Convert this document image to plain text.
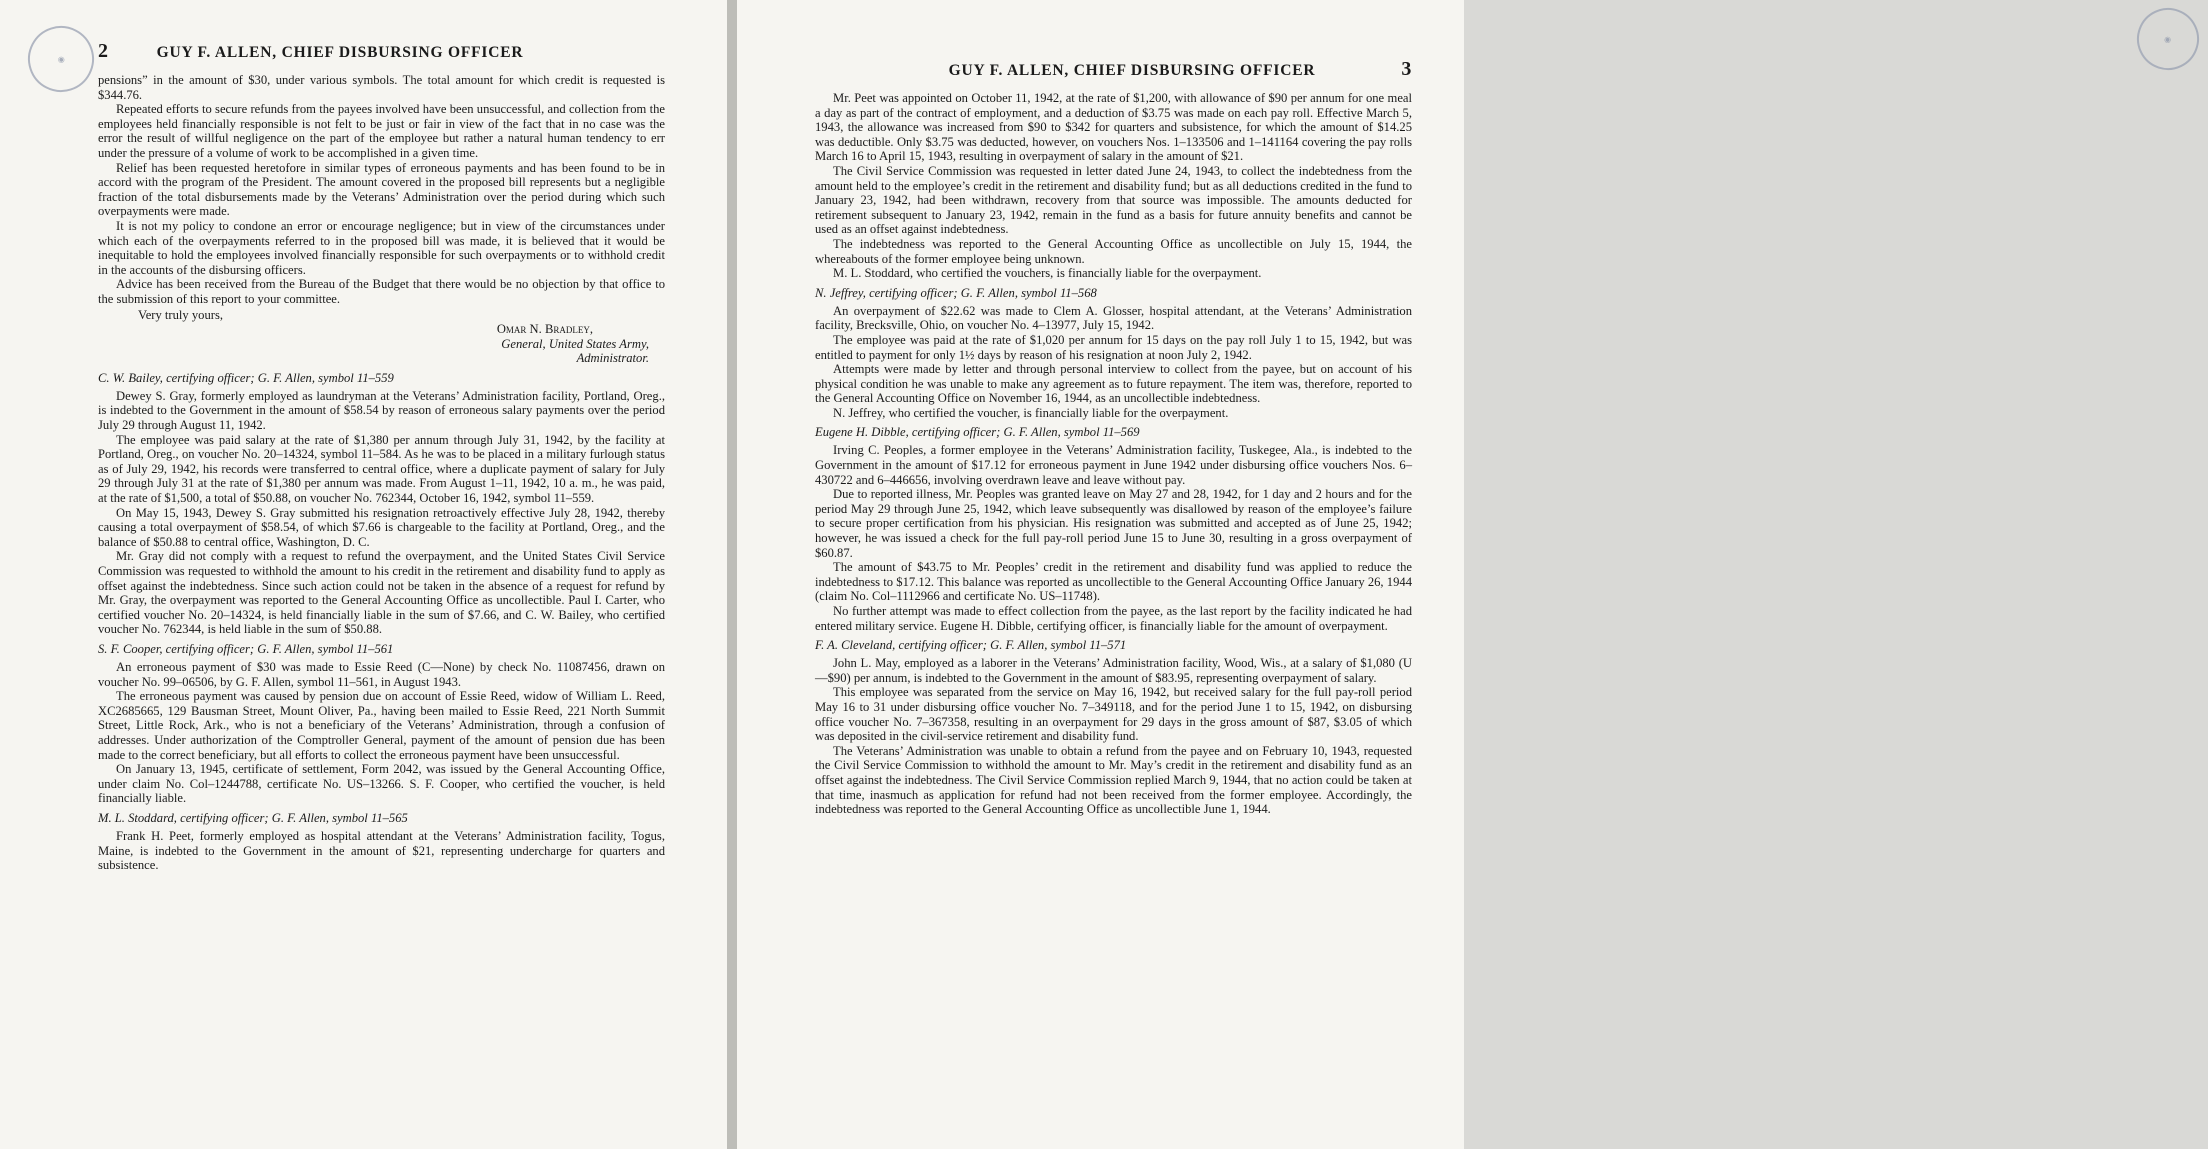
◉	2	GUY F. ALLEN, CHIEF DISBURSING OFFICER

pensions” in the amount of $30, under various symbols. The total amount for which credit is requested is $344.76.

Repeated efforts to secure refunds from the payees involved have been unsuccessful, and collection from the employees held financially responsible is not felt to be just or fair in view of the fact that in no case was the error the result of willful negligence on the part of the employee but rather a natural human tendency to err under the pressure of a volume of work to be accomplished in a given time.

Relief has been requested heretofore in similar types of erroneous payments and has been found to be in accord with the program of the President. The amount covered in the proposed bill represents but a negligible fraction of the total disbursements made by the Veterans’ Administration over the period during which such overpayments were made.

It is not my policy to condone an error or encourage negligence; but in view of the circumstances under which each of the overpayments referred to in the proposed bill was made, it is believed that it would be inequitable to hold the employees involved financially responsible for such overpayments or to withhold credit in the accounts of the disbursing officers.

Advice has been received from the Bureau of the Budget that there would be no objection by that office to the submission of this report to your committee.

Very truly yours,

Omar N. Bradley,
General, United States Army,
Administrator.

C. W. Bailey, certifying officer; G. F. Allen, symbol 11–559

Dewey S. Gray, formerly employed as laundryman at the Veterans’ Administration facility, Portland, Oreg., is indebted to the Government in the amount of $58.54 by reason of erroneous salary payments over the period July 29 through August 11, 1942.

The employee was paid salary at the rate of $1,380 per annum through July 31, 1942, by the facility at Portland, Oreg., on voucher No. 20–14324, symbol 11–584. As he was to be placed in a military furlough status as of July 29, 1942, his records were transferred to central office, where a duplicate payment of salary for July 29 through July 31 at the rate of $1,380 per annum was made. From August 1–11, 1942, 10 a. m., he was paid, at the rate of $1,500, a total of $50.88, on voucher No. 762344, October 16, 1942, symbol 11–559.

On May 15, 1943, Dewey S. Gray submitted his resignation retroactively effective July 28, 1942, thereby causing a total overpayment of $58.54, of which $7.66 is chargeable to the facility at Portland, Oreg., and the balance of $50.88 to central office, Washington, D. C.

Mr. Gray did not comply with a request to refund the overpayment, and the United States Civil Service Commission was requested to withhold the amount to his credit in the retirement and disability fund to apply as offset against the indebtedness. Since such action could not be taken in the absence of a request for refund by Mr. Gray, the overpayment was reported to the General Accounting Office as uncollectible. Paul I. Carter, who certified voucher No. 20–14324, is held financially liable in the sum of $7.66, and C. W. Bailey, who certified voucher No. 762344, is held liable in the sum of $50.88.

S. F. Cooper, certifying officer; G. F. Allen, symbol 11–561

An erroneous payment of $30 was made to Essie Reed (C—None) by check No. 11087456, drawn on voucher No. 99–06506, by G. F. Allen, symbol 11–561, in August 1943.

The erroneous payment was caused by pension due on account of Essie Reed, widow of William L. Reed, XC2685665, 129 Bausman Street, Mount Oliver, Pa., having been mailed to Essie Reed, 221 North Summit Street, Little Rock, Ark., who is not a beneficiary of the Veterans’ Administration, through a confusion of addresses. Under authorization of the Comptroller General, payment of the amount of pension due has been made to the correct beneficiary, but all efforts to collect the erroneous payment have been unsuccessful.

On January 13, 1945, certificate of settlement, Form 2042, was issued by the General Accounting Office, under claim No. Col–1244788, certificate No. US–13266. S. F. Cooper, who certified the voucher, is held financially liable.

M. L. Stoddard, certifying officer; G. F. Allen, symbol 11–565

Frank H. Peet, formerly employed as hospital attendant at the Veterans’ Administration facility, Togus, Maine, is indebted to the Government in the amount of $21, representing undercharge for quarters and subsistence.

◉
GUY F. ALLEN, CHIEF DISBURSING OFFICER	3

Mr. Peet was appointed on October 11, 1942, at the rate of $1,200, with allowance of $90 per annum for one meal a day as part of the contract of employment, and a deduction of $3.75 was made on each pay roll. Effective March 5, 1943, the allowance was increased from $90 to $342 for quarters and subsistence, for which the amount of $14.25 was deductible. Only $3.75 was deducted, however, on vouchers Nos. 1–133506 and 1–141164 covering the pay rolls March 16 to April 15, 1943, resulting in overpayment of salary in the amount of $21.

The Civil Service Commission was requested in letter dated June 24, 1943, to collect the indebtedness from the amount held to the employee’s credit in the retirement and disability fund; but as all deductions credited in the fund to January 23, 1942, had been withdrawn, recovery from that source was impossible. The amounts deducted for retirement subsequent to January 23, 1942, remain in the fund as a basis for future annuity benefits and cannot be used as an offset against indebtedness.

The indebtedness was reported to the General Accounting Office as uncollectible on July 15, 1944, the whereabouts of the former employee being unknown.

M. L. Stoddard, who certified the vouchers, is financially liable for the overpayment.

N. Jeffrey, certifying officer; G. F. Allen, symbol 11–568

An overpayment of $22.62 was made to Clem A. Glosser, hospital attendant, at the Veterans’ Administration facility, Brecksville, Ohio, on voucher No. 4–13977, July 15, 1942.

The employee was paid at the rate of $1,020 per annum for 15 days on the pay roll July 1 to 15, 1942, but was entitled to payment for only 1½ days by reason of his resignation at noon July 2, 1942.

Attempts were made by letter and through personal interview to collect from the payee, but on account of his physical condition he was unable to make any agreement as to future repayment. The item was, therefore, reported to the General Accounting Office on November 16, 1944, as an uncollectible indebtedness.

N. Jeffrey, who certified the voucher, is financially liable for the overpayment.

Eugene H. Dibble, certifying officer; G. F. Allen, symbol 11–569

Irving C. Peoples, a former employee in the Veterans’ Administration facility, Tuskegee, Ala., is indebted to the Government in the amount of $17.12 for erroneous payment in June 1942 under disbursing office vouchers Nos. 6–430722 and 6–446656, involving overdrawn leave and leave without pay.

Due to reported illness, Mr. Peoples was granted leave on May 27 and 28, 1942, for 1 day and 2 hours and for the period May 29 through June 25, 1942, which leave subsequently was disallowed by reason of the employee’s failure to secure proper certification from his physician. His resignation was submitted and accepted as of June 25, 1942; however, he was issued a check for the full pay-roll period June 15 to June 30, resulting in a gross overpayment of $60.87.

The amount of $43.75 to Mr. Peoples’ credit in the retirement and disability fund was applied to reduce the indebtedness to $17.12. This balance was reported as uncollectible to the General Accounting Office January 26, 1944 (claim No. Col–1112966 and certificate No. US–11748).

No further attempt was made to effect collection from the payee, as the last report by the facility indicated he had entered military service. Eugene H. Dibble, certifying officer, is financially liable for the amount of overpayment.

F. A. Cleveland, certifying officer; G. F. Allen, symbol 11–571

John L. May, employed as a laborer in the Veterans’ Administration facility, Wood, Wis., at a salary of $1,080 (U—$90) per annum, is indebted to the Government in the amount of $83.95, representing overpayment of salary.

This employee was separated from the service on May 16, 1942, but received salary for the full pay-roll period May 16 to 31 under disbursing office voucher No. 7–349118, and for the period June 1 to 15, 1942, on disbursing office voucher No. 7–367358, resulting in an overpayment for 29 days in the gross amount of $87, $3.05 of which was deposited in the civil-service retirement and disability fund.

The Veterans’ Administration was unable to obtain a refund from the payee and on February 10, 1943, requested the Civil Service Commission to withhold the amount to Mr. May’s credit in the retirement and disability fund as an offset against the indebtedness. The Civil Service Commission replied March 9, 1944, that no action could be taken at that time, inasmuch as application for refund had not been received from the former employee. Accordingly, the indebtedness was reported to the General Accounting Office as uncollectible June 1, 1944.
